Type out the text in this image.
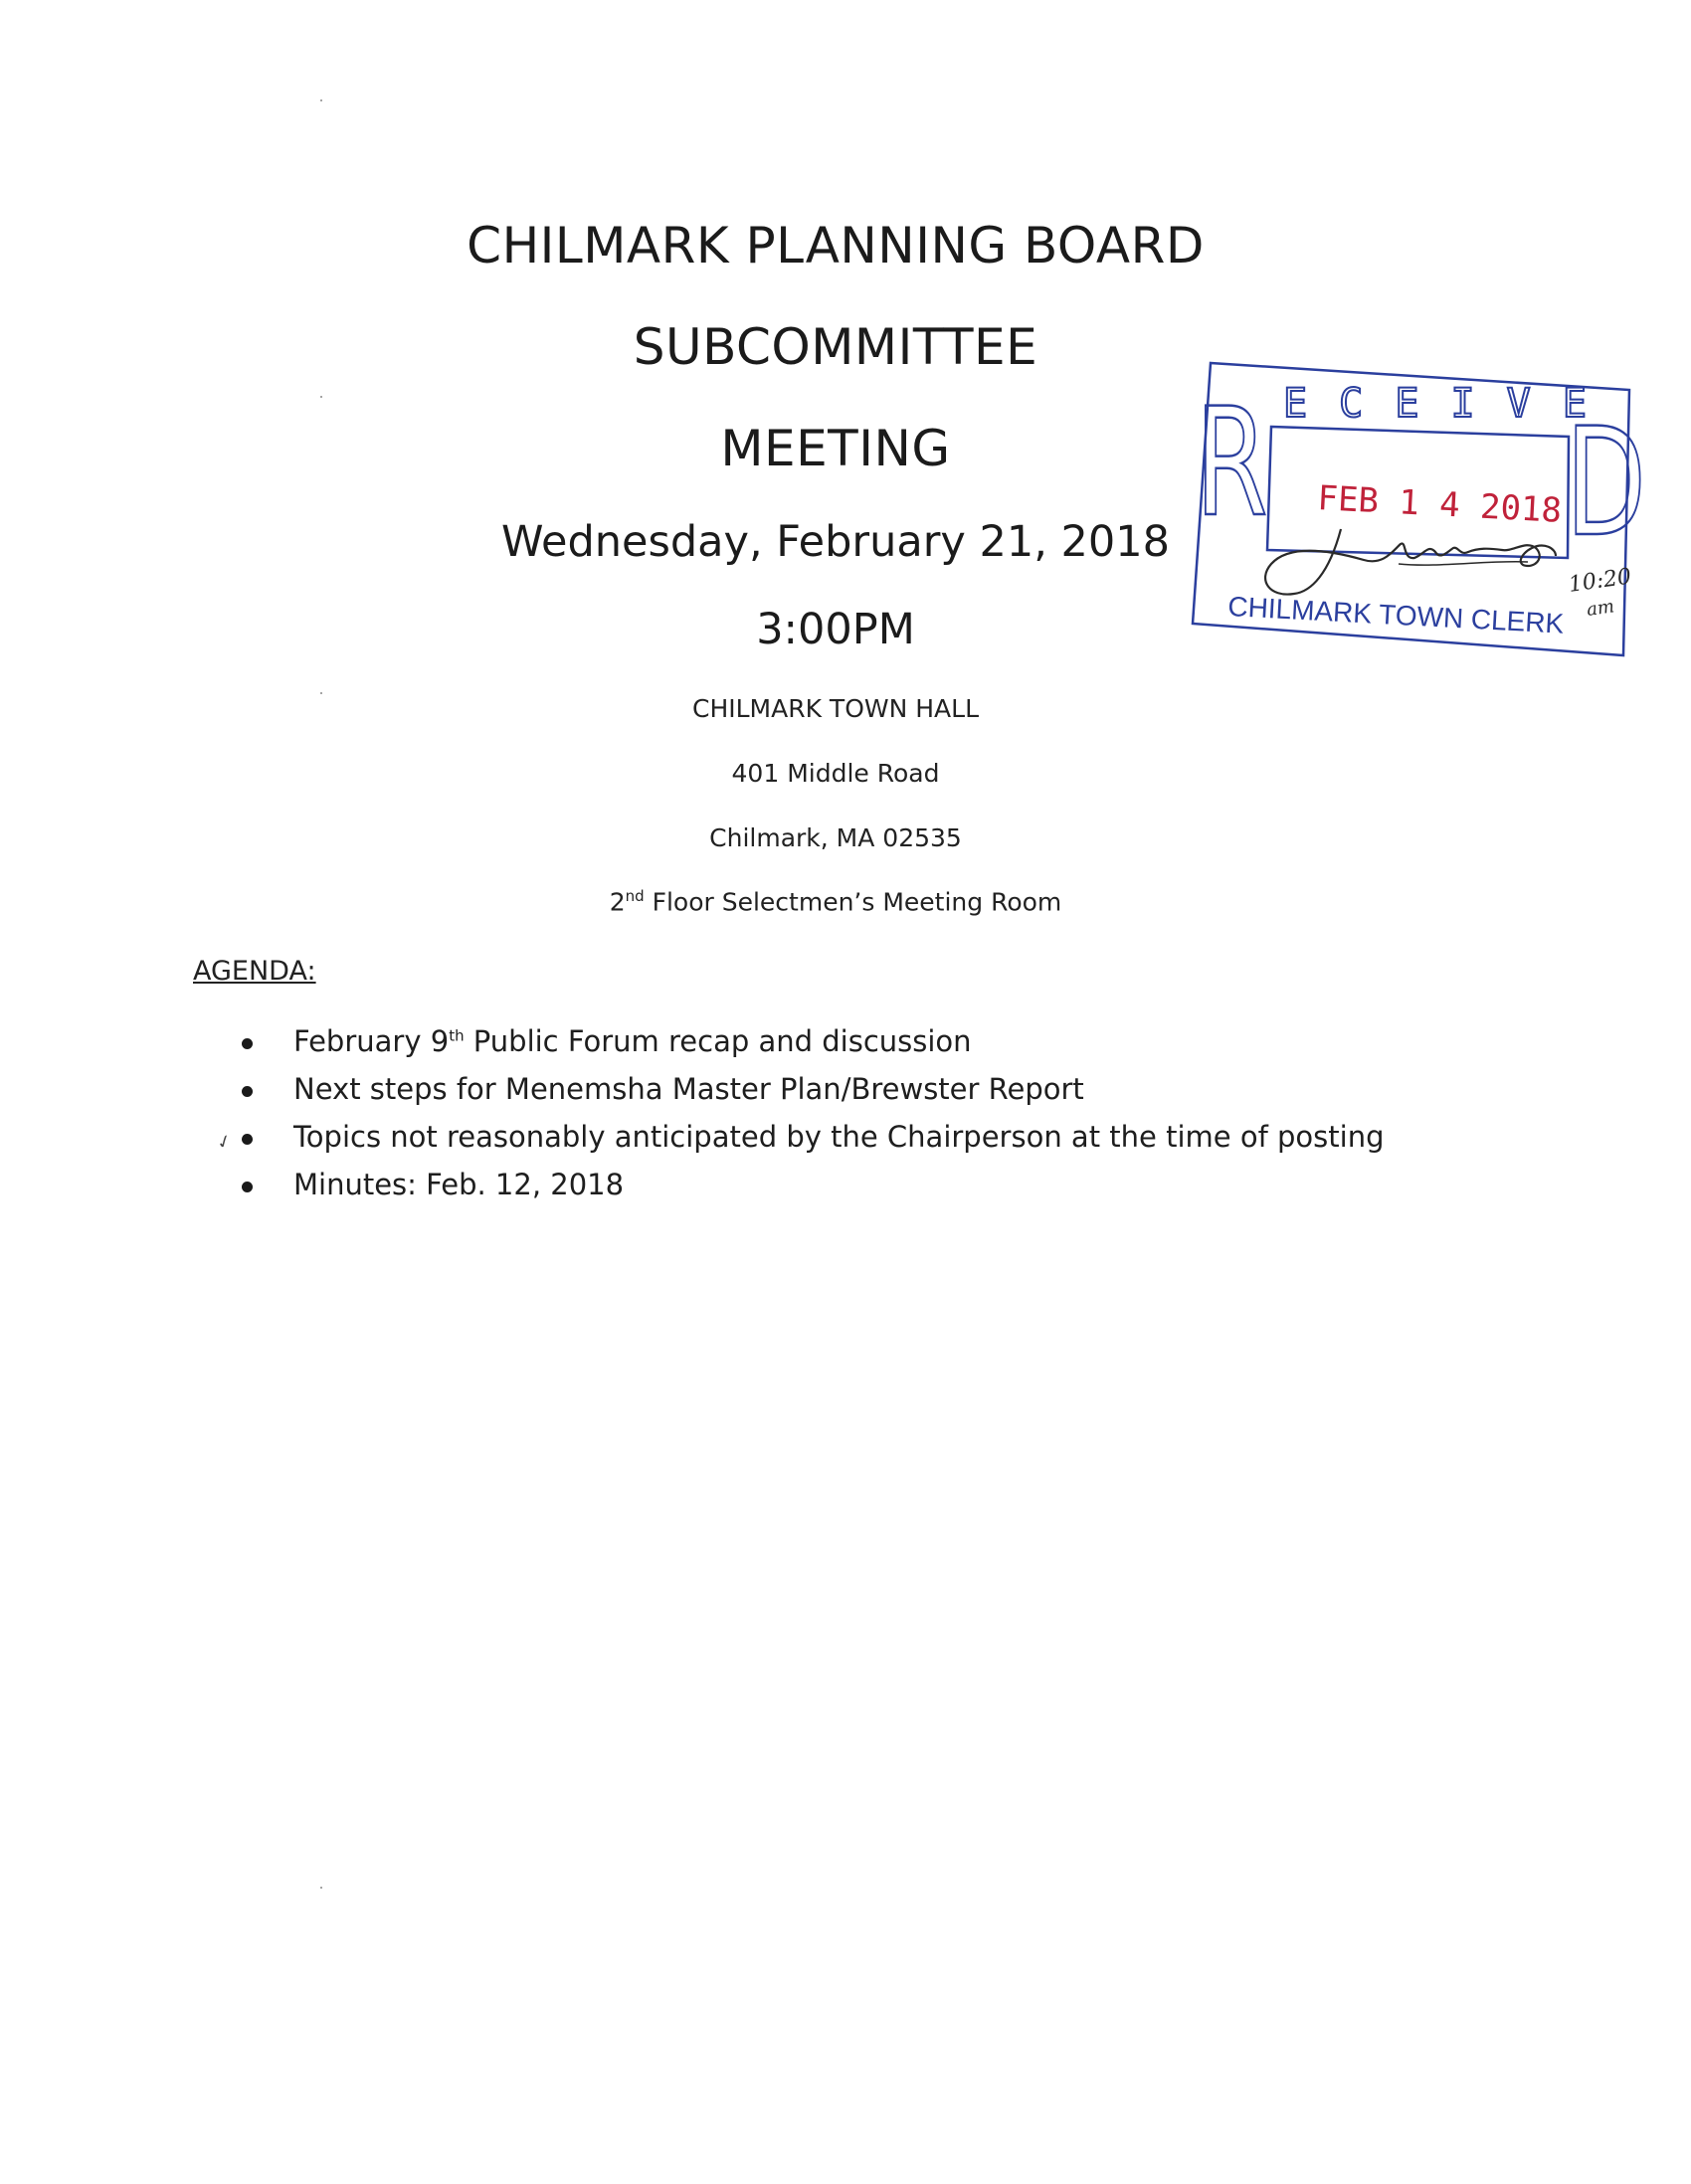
CHILMARK PLANNING BOARD
SUBCOMMITTEE
MEETING
Wednesday, February 21, 2018
3:00PM
CHILMARK TOWN HALL
401 Middle Road
Chilmark, MA 02535
2nd Floor Selectmen’s Meeting Room
AGENDA:
February 9th Public Forum recap and discussion
Next steps for Menemsha Master Plan/Brewster Report
✓ Topics not reasonably anticipated by the Chairperson at the time of posting
Minutes: Feb. 12, 2018
R E C E I V E
D
FEB 1 4 2018
CHILMARK TOWN CLERK
10:20
am
